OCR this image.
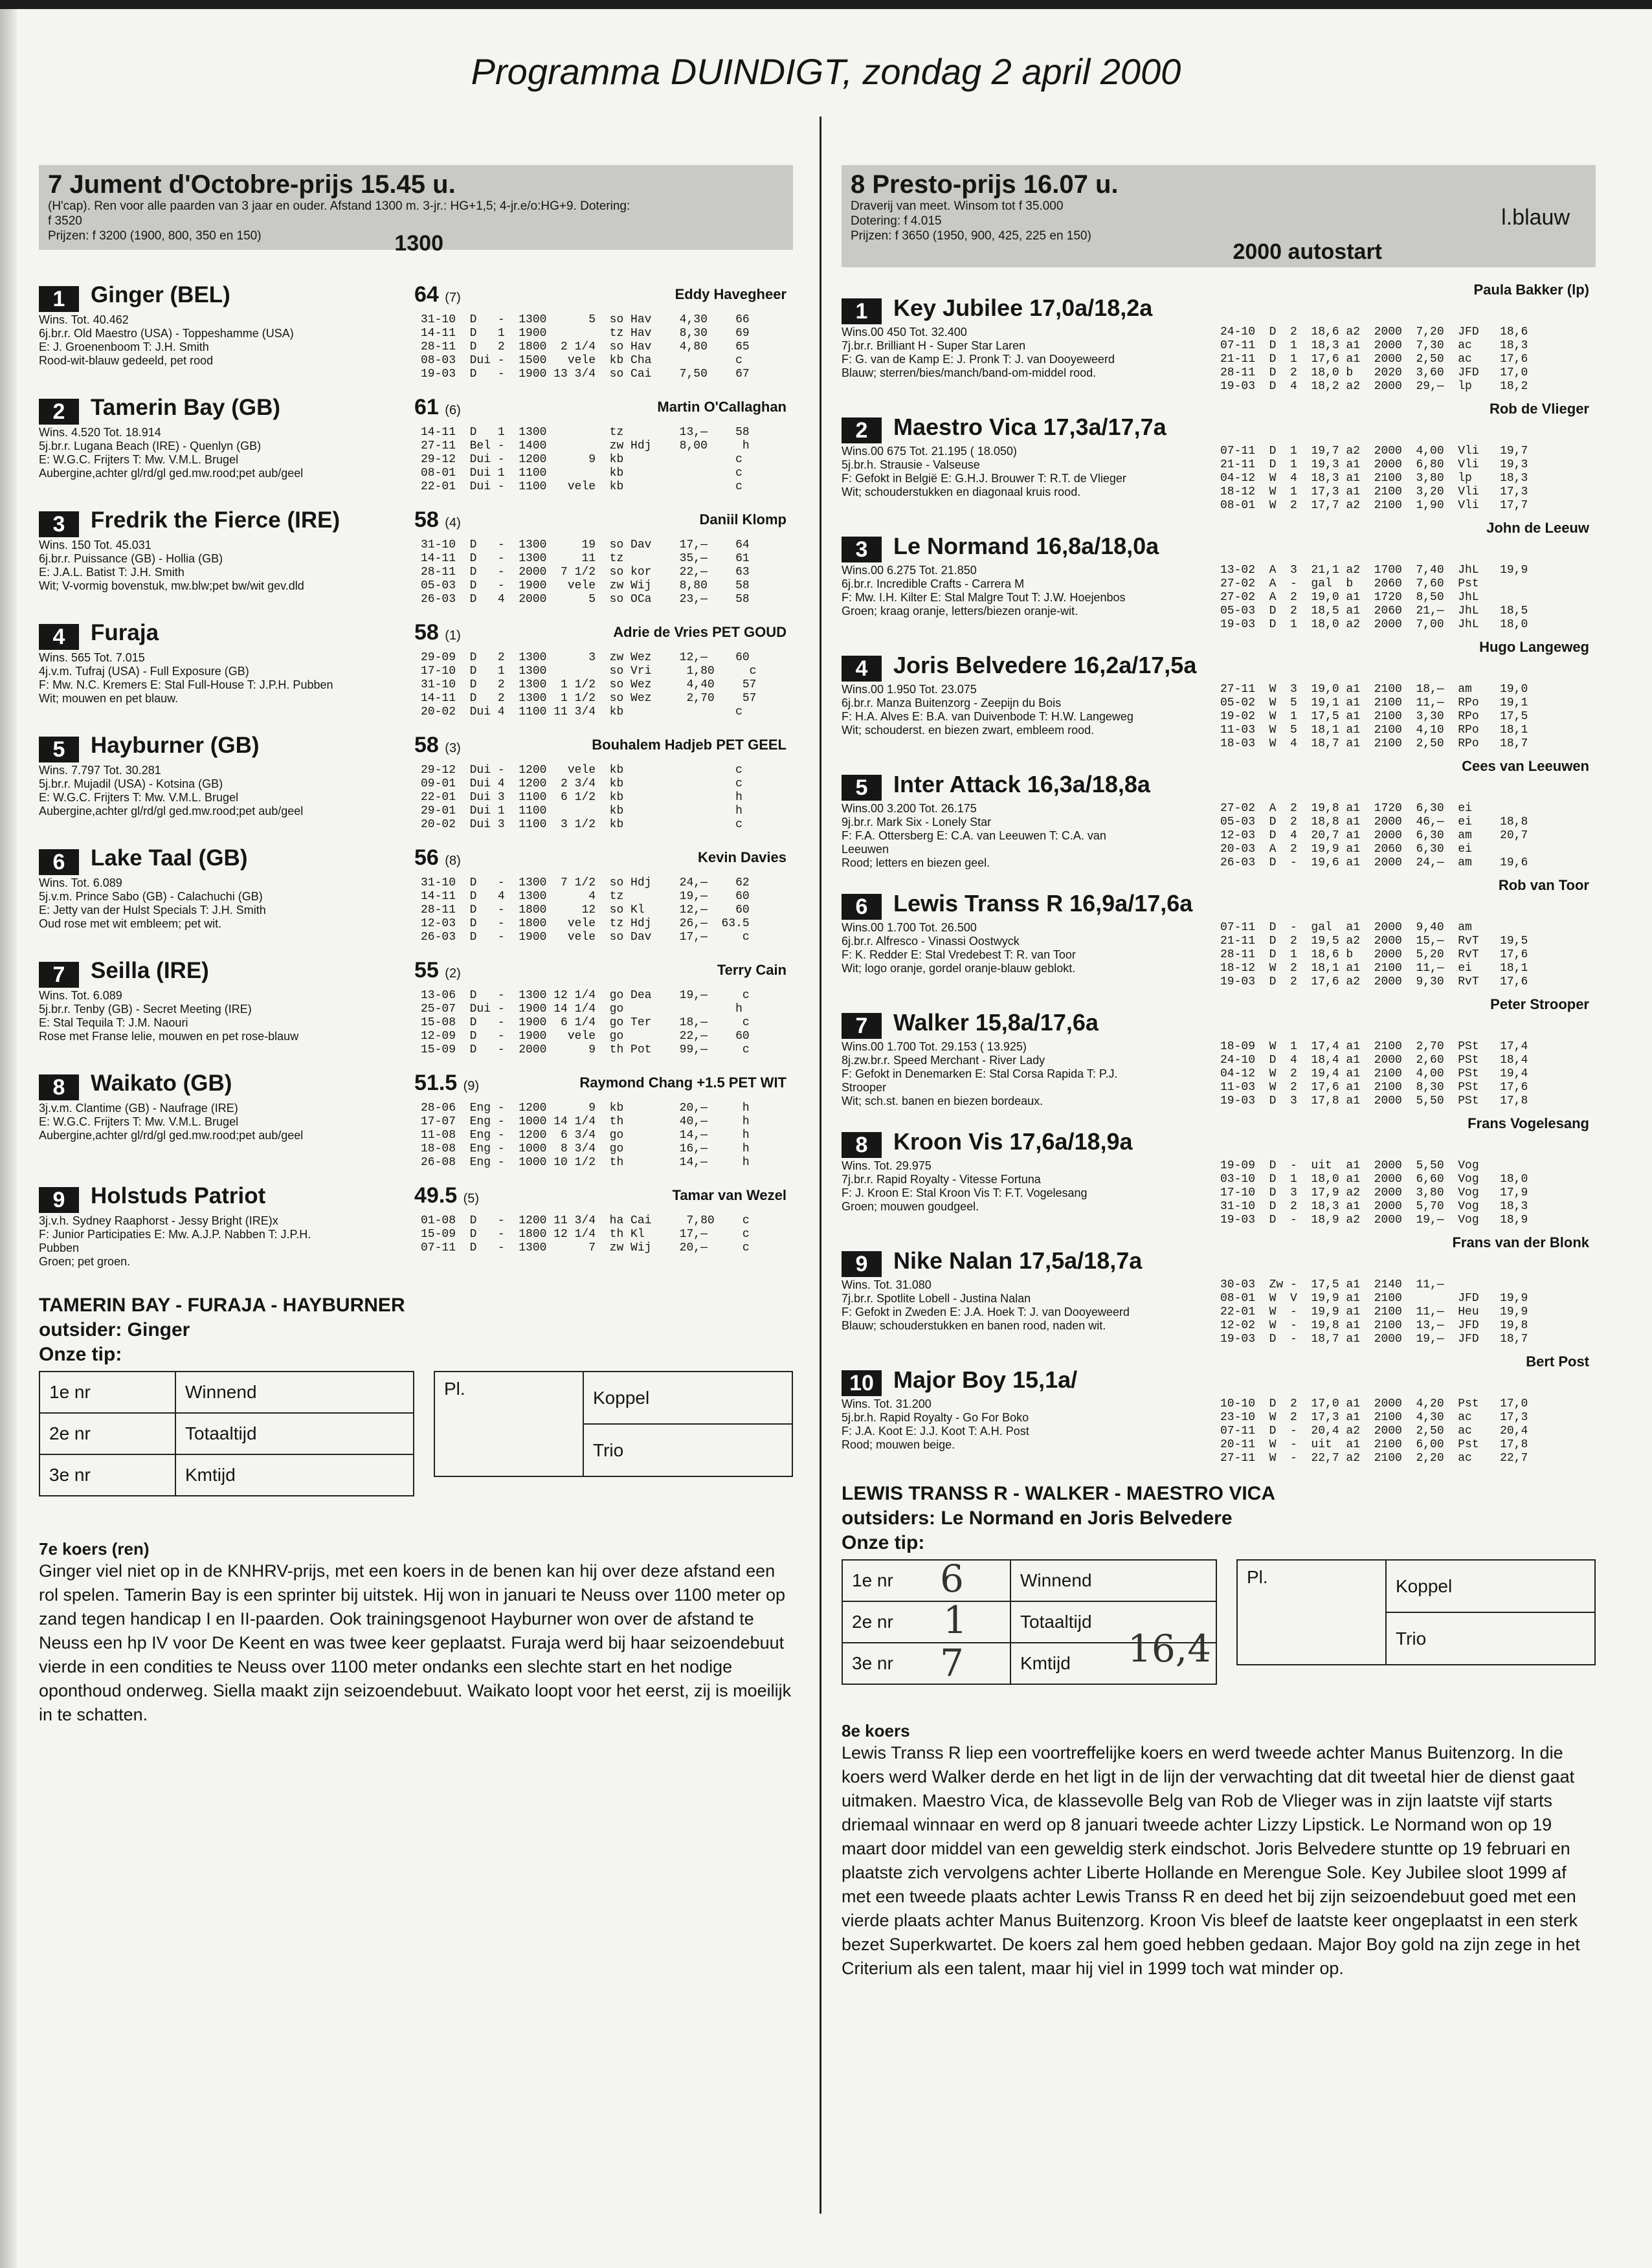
Programma DUINDIGT, zondag 2 april 2000
7 Jument d'Octobre-prijs 15.45 u.
(H'cap). Ren voor alle paarden van 3 jaar en ouder. Afstand 1300 m. 3-jr.: HG+1,5; 4-jr.e/o:HG+9. Dotering:
f 3520
Prijzen: f 3200 (1900, 800, 350 en 150)	1300
1	Ginger (BEL)	Eddy Havegheer
64 (7)
Wins. Tot. 40.462
6j.br.r. Old Maestro (USA) - Toppeshamme (USA)
E: J. Groenenboom T: J.H. Smith
Rood-wit-blauw gedeeld, pet rood
31-10  D   -  1300      5  so Hav    4,30    66
14-11  D   1  1900         tz Hav    8,30    69
28-11  D   2  1800  2 1/4  so Hav    4,80    65
08-03  Dui -  1500   vele  kb Cha            c
19-03  D   -  1900 13 3/4  so Cai    7,50    67
2	Tamerin Bay (GB)	Martin O'Callaghan
61 (6)
Wins. 4.520 Tot. 18.914
5j.br.r. Lugana Beach (IRE) - Quenlyn (GB)
E: W.G.C. Frijters T: Mw. V.M.L. Brugel
Aubergine,achter gl/rd/gl ged.mw.rood;pet aub/geel
14-11  D   1  1300         tz        13,—    58
27-11  Bel -  1400         zw Hdj    8,00     h
29-12  Dui -  1200      9  kb                c
08-01  Dui 1  1100         kb                c
22-01  Dui -  1100   vele  kb                c
3	Fredrik the Fierce (IRE)	Daniil Klomp
58 (4)
Wins. 150 Tot. 45.031
6j.br.r. Puissance (GB) - Hollia (GB)
E: J.A.L. Batist T: J.H. Smith
Wit; V-vormig bovenstuk, mw.blw;pet bw/wit gev.dld
31-10  D   -  1300     19  so Dav    17,—    64
14-11  D   -  1300     11  tz        35,—    61
28-11  D   -  2000  7 1/2  so kor    22,—    63
05-03  D   -  1900   vele  zw Wij    8,80    58
26-03  D   4  2000      5  so OCa    23,—    58
4	Furaja	Adrie de Vries PET GOUD
58 (1)
Wins. 565 Tot. 7.015
4j.v.m. Tufraj (USA) - Full Exposure (GB)
F: Mw. N.C. Kremers E: Stal Full-House T: J.P.H. Pubben
Wit; mouwen en pet blauw.
29-09  D   2  1300      3  zw Wez    12,—    60
17-10  D   1  1300         so Vri     1,80     c
31-10  D   2  1300  1 1/2  so Wez     4,40    57
14-11  D   2  1300  1 1/2  so Wez     2,70    57
20-02  Dui 4  1100 11 3/4  kb                c
5	Hayburner (GB)	Bouhalem Hadjeb PET GEEL
58 (3)
Wins. 7.797 Tot. 30.281
5j.br.r. Mujadil (USA) - Kotsina (GB)
E: W.G.C. Frijters T: Mw. V.M.L. Brugel
Aubergine,achter gl/rd/gl ged.mw.rood;pet aub/geel
29-12  Dui -  1200   vele  kb                c
09-01  Dui 4  1200  2 3/4  kb                c
22-01  Dui 3  1100  6 1/2  kb                h
29-01  Dui 1  1100         kb                h
20-02  Dui 3  1100  3 1/2  kb                c
6	Lake Taal (GB)	Kevin Davies
56 (8)
Wins. Tot. 6.089
5j.v.m. Prince Sabo (GB) - Calachuchi (GB)
E: Jetty van der Hulst Specials T: J.H. Smith
Oud rose met wit embleem; pet wit.
31-10  D   -  1300  7 1/2  so Hdj    24,—    62
14-11  D   4  1300      4  tz        19,—    60
28-11  D   -  1800     12  so Kl     12,—    60
12-03  D   -  1800   vele  tz Hdj    26,—  63.5
26-03  D   -  1900   vele  so Dav    17,—     c
7	Seilla (IRE)	Terry Cain
55 (2)
Wins. Tot. 6.089
5j.br.r. Tenby (GB) - Secret Meeting (IRE)
E: Stal Tequila T: J.M. Naouri
Rose met Franse lelie, mouwen en pet rose-blauw
13-06  D   -  1300 12 1/4  go Dea    19,—     c
25-07  Dui -  1900 14 1/4  go                h
15-08  D   -  1900  6 1/4  go Ter    18,—     c
12-09  D   -  1900   vele  go        22,—    60
15-09  D   -  2000      9  th Pot    99,—     c
8	Waikato (GB)	Raymond Chang +1.5 PET WIT
51.5 (9)
3j.v.m. Clantime (GB) - Naufrage (IRE)
E: W.G.C. Frijters T: Mw. V.M.L. Brugel
Aubergine,achter gl/rd/gl ged.mw.rood;pet aub/geel
28-06  Eng -  1200      9  kb        20,—     h
17-07  Eng -  1000 14 1/4  th        40,—     h
11-08  Eng -  1200  6 3/4  go        14,—     h
18-08  Eng -  1000  8 3/4  go        16,—     h
26-08  Eng -  1000 10 1/2  th        14,—     h
9	Holstuds Patriot	Tamar van Wezel
49.5 (5)
3j.v.h. Sydney Raaphorst - Jessy Bright (IRE)x
F: Junior Participaties E: Mw. A.J.P. Nabben T: J.P.H.
Pubben
Groen; pet groen.
01-08  D   -  1200 11 3/4  ha Cai     7,80    c
15-09  D   -  1800 12 1/4  th Kl     17,—     c
07-11  D   -  1300      7  zw Wij    20,—     c
TAMERIN BAY - FURAJA - HAYBURNER
outsider: Ginger
Onze tip:
1e nr	Winnend
2e nr	Totaaltijd
3e nr	Kmtijd
Pl.	Koppel
Trio
7e koers (ren)
Ginger viel niet op in de KNHRV-prijs, met een koers in de benen kan hij over deze afstand een rol spelen. Tamerin Bay is een sprinter bij uitstek. Hij won in januari te Neuss over 1100 meter op zand tegen handicap I en II-paarden. Ook trainingsgenoot Hayburner won over de afstand te Neuss een hp IV voor De Keent en was twee keer geplaatst. Furaja werd bij haar seizoendebuut vierde in een condities te Neuss over 1100 meter ondanks een slechte start en het nodige oponthoud onderweg. Siella maakt zijn seizoendebuut. Waikato loopt voor het eerst, zij is moeilijk in te schatten.
8 Presto-prijs 16.07 u.
Draverij van meet. Winsom tot f 35.000
Dotering: f 4.015
Prijzen: f 3650 (1950, 900, 425, 225 en 150)
l.blauw
2000 autostart
1	Key Jubilee 17,0a/18,2a
Paula Bakker (lp)
Wins.00 450 Tot. 32.400
7j.br.r. Brilliant H - Super Star Laren
F: G. van de Kamp E: J. Pronk T: J. van Dooyeweerd
Blauw; sterren/bies/manch/band-om-middel rood.
24-10  D  2  18,6 a2  2000  7,20  JFD   18,6
07-11  D  1  18,3 a1  2000  7,30  ac    18,3
21-11  D  1  17,6 a1  2000  2,50  ac    17,6
28-11  D  2  18,0 b   2020  3,60  JFD   17,0
19-03  D  4  18,2 a2  2000  29,—  lp    18,2
2	Maestro Vica 17,3a/17,7a
Rob de Vlieger
Wins.00 675 Tot. 21.195 ( 18.050)
5j.br.h. Strausie - Valseuse
F: Gefokt in België E: G.H.J. Brouwer T: R.T. de Vlieger
Wit; schouderstukken en diagonaal kruis rood.
07-11  D  1  19,7 a2  2000  4,00  Vli   19,7
21-11  D  1  19,3 a1  2000  6,80  Vli   19,3
04-12  W  4  18,3 a1  2100  3,80  lp    18,3
18-12  W  1  17,3 a1  2100  3,20  Vli   17,3
08-01  W  2  17,7 a2  2100  1,90  Vli   17,7
3	Le Normand 16,8a/18,0a
John de Leeuw
Wins.00 6.275 Tot. 21.850
6j.br.r. Incredible Crafts - Carrera M
F: Mw. I.H. Kilter E: Stal Malgre Tout T: J.W. Hoejenbos
Groen; kraag oranje, letters/biezen oranje-wit.
13-02  A  3  21,1 a2  1700  7,40  JhL   19,9
27-02  A  -  gal  b   2060  7,60  Pst
27-02  A  2  19,0 a1  1720  8,50  JhL
05-03  D  2  18,5 a1  2060  21,—  JhL   18,5
19-03  D  1  18,0 a2  2000  7,00  JhL   18,0
4	Joris Belvedere 16,2a/17,5a
Hugo Langeweg
Wins.00 1.950 Tot. 23.075
6j.br.r. Manza Buitenzorg - Zeepijn du Bois
F: H.A. Alves E: B.A. van Duivenbode T: H.W. Langeweg
Wit; schouderst. en biezen zwart, embleem rood.
27-11  W  3  19,0 a1  2100  18,—  am    19,0
05-02  W  5  19,1 a1  2100  11,—  RPo   19,1
19-02  W  1  17,5 a1  2100  3,30  RPo   17,5
11-03  W  5  18,1 a1  2100  4,10  RPo   18,1
18-03  W  4  18,7 a1  2100  2,50  RPo   18,7
5	Inter Attack 16,3a/18,8a
Cees van Leeuwen
Wins.00 3.200 Tot. 26.175
9j.br.r. Mark Six - Lonely Star
F: F.A. Ottersberg E: C.A. van Leeuwen T: C.A. van
Leeuwen
Rood; letters en biezen geel.
27-02  A  2  19,8 a1  1720  6,30  ei
05-03  D  2  18,8 a1  2000  46,—  ei    18,8
12-03  D  4  20,7 a1  2000  6,30  am    20,7
20-03  A  2  19,9 a1  2060  6,30  ei
26-03  D  -  19,6 a1  2000  24,—  am    19,6
6	Lewis Transs R 16,9a/17,6a
Rob van Toor
Wins.00 1.700 Tot. 26.500
6j.br.r. Alfresco - Vinassi Oostwyck
F: K. Redder E: Stal Vredebest T: R. van Toor
Wit; logo oranje, gordel oranje-blauw geblokt.
07-11  D  -  gal  a1  2000  9,40  am
21-11  D  2  19,5 a2  2000  15,—  RvT   19,5
28-11  D  1  18,6 b   2000  5,20  RvT   17,6
18-12  W  2  18,1 a1  2100  11,—  ei    18,1
19-03  D  2  17,6 a2  2000  9,30  RvT   17,6
7	Walker 15,8a/17,6a
Peter Strooper
Wins.00 1.700 Tot. 29.153 ( 13.925)
8j.zw.br.r. Speed Merchant - River Lady
F: Gefokt in Denemarken E: Stal Corsa Rapida T: P.J.
Strooper
Wit; sch.st. banen en biezen bordeaux.
18-09  W  1  17,4 a1  2100  2,70  PSt   17,4
24-10  D  4  18,4 a1  2000  2,60  PSt   18,4
04-12  W  2  19,4 a1  2100  4,00  PSt   19,4
11-03  W  2  17,6 a1  2100  8,30  PSt   17,6
19-03  D  3  17,8 a1  2000  5,50  PSt   17,8
8	Kroon Vis 17,6a/18,9a
Frans Vogelesang
Wins. Tot. 29.975
7j.br.r. Rapid Royalty - Vitesse Fortuna
F: J. Kroon E: Stal Kroon Vis T: F.T. Vogelesang
Groen; mouwen goudgeel.
19-09  D  -  uit  a1  2000  5,50  Vog
03-10  D  1  18,0 a1  2000  6,60  Vog   18,0
17-10  D  3  17,9 a2  2000  3,80  Vog   17,9
31-10  D  2  18,3 a1  2000  5,70  Vog   18,3
19-03  D  -  18,9 a2  2000  19,—  Vog   18,9
9	Nike Nalan 17,5a/18,7a
Frans van der Blonk
Wins. Tot. 31.080
7j.br.r. Spotlite Lobell - Justina Nalan
F: Gefokt in Zweden E: J.A. Hoek T: J. van Dooyeweerd
Blauw; schouderstukken en banen rood, naden wit.
30-03  Zw -  17,5 a1  2140  11,—
08-01  W  V  19,9 a1  2100        JFD   19,9
22-01  W  -  19,9 a1  2100  11,—  Heu   19,9
12-02  W  -  19,8 a1  2100  13,—  JFD   19,8
19-03  D  -  18,7 a1  2000  19,—  JFD   18,7
10 Major Boy 15,1a/
Bert Post
Wins. Tot. 31.200
5j.br.h. Rapid Royalty - Go For Boko
F: J.A. Koot E: J.J. Koot T: A.H. Post
Rood; mouwen beige.
10-10  D  2  17,0 a1  2000  4,20  Pst   17,0
23-10  W  2  17,3 a1  2100  4,30  ac    17,3
07-11  D  -  20,4 a2  2000  2,50  ac    20,4
20-11  W  -  uit  a1  2100  6,00  Pst   17,8
27-11  W  -  22,7 a2  2100  2,20  ac    22,7
LEWIS TRANSS R - WALKER - MAESTRO VICA
outsiders: Le Normand en Joris Belvedere
Onze tip:
1e nr 6	Winnend
2e nr 1	Totaaltijd
3e nr 7	Kmtijd 16,4
Pl.	Koppel
Trio
8e koers
Lewis Transs R liep een voortreffelijke koers en werd tweede achter Manus Buitenzorg. In die koers werd Walker derde en het ligt in de lijn der verwachting dat dit tweetal hier de dienst gaat uitmaken. Maestro Vica, de klassevolle Belg van Rob de Vlieger was in zijn laatste vijf starts driemaal winnaar en werd op 8 januari tweede achter Lizzy Lipstick. Le Normand won op 19 maart door middel van een geweldig sterk eindschot. Joris Belvedere stuntte op 19 februari en plaatste zich vervolgens achter Liberte Hollande en Merengue Sole. Key Jubilee sloot 1999 af met een tweede plaats achter Lewis Transs R en deed het bij zijn seizoendebuut goed met een vierde plaats achter Manus Buitenzorg. Kroon Vis bleef de laatste keer ongeplaatst in een sterk bezet Superkwartet. De koers zal hem goed hebben gedaan. Major Boy gold na zijn zege in het Criterium als een talent, maar hij viel in 1999 toch wat minder op.
